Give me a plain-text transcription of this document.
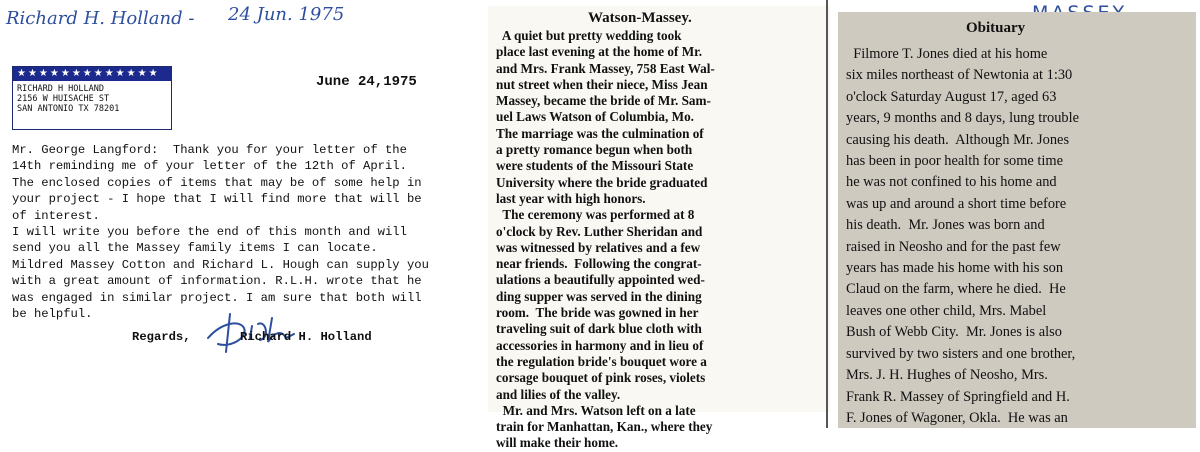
Richard H. Holland - 24 Jun. 1975
★★★★★★★★★★★★★
RICHARD H HOLLAND
2156 W HUISACHE ST
SAN ANTONIO TX 78201
June 24,1975
Mr. George Langford:  Thank you for your letter of the
14th reminding me of your letter of the 12th of April.
The enclosed copies of items that may be of some help in
your project - I hope that I will find more that will be
of interest.
I will write you before the end of this month and will
send you all the Massey family items I can locate.
Mildred Massey Cotton and Richard L. Hough can supply you
with a great amount of information. R.L.H. wrote that he
was engaged in similar project. I am sure that both will
be helpful.
Regards,	Richard H. Holland
Watson-Massey.
A quiet but pretty wedding took
place last evening at the home of Mr.
and Mrs. Frank Massey, 758 East Wal-
nut street when their niece, Miss Jean
Massey, became the bride of Mr. Sam-
uel Laws Watson of Columbia, Mo.
The marriage was the culmination of
a pretty romance begun when both
were students of the Missouri State
University where the bride graduated
last year with high honors.
The ceremony was performed at 8
o'clock by Rev. Luther Sheridan and
was witnessed by relatives and a few
near friends.  Following the congrat-
ulations a beautifully appointed wed-
ding supper was served in the dining
room.  The bride was gowned in her
traveling suit of dark blue cloth with
accessories in harmony and in lieu of
the regulation bride's bouquet wore a
corsage bouquet of pink roses, violets
and lilies of the valley.
Mr. and Mrs. Watson left on a late
train for Manhattan, Kan., where they
will make their home.
Obituary
Filmore T. Jones died at his home
six miles northeast of Newtonia at 1:30
o'clock Saturday August 17, aged 63
years, 9 months and 8 days, lung trouble
causing his death.  Although Mr. Jones
has been in poor health for some time
he was not confined to his home and
was up and around a short time before
his death.  Mr. Jones was born and
raised in Neosho and for the past few
years has made his home with his son
Claud on the farm, where he died.  He
leaves one other child, Mrs. Mabel
Bush of Webb City.  Mr. Jones is also
survived by two sisters and one brother,
Mrs. J. H. Hughes of Neosho, Mrs.
Frank R. Massey of Springfield and H.
F. Jones of Wagoner, Okla.  He was an
